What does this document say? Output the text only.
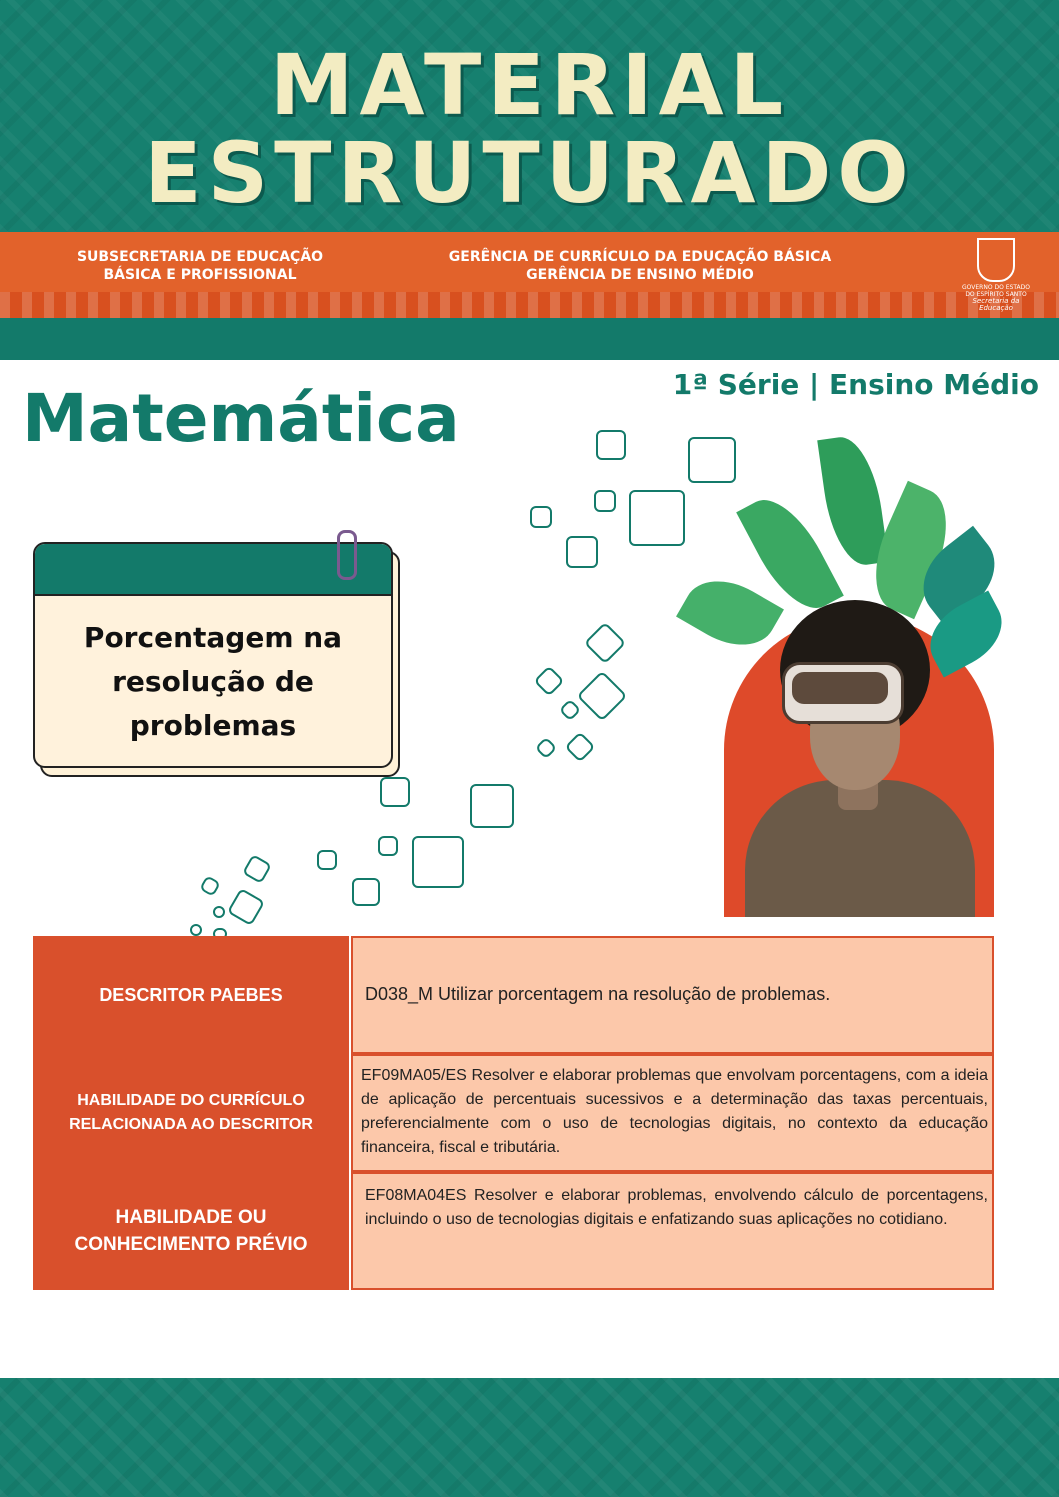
MATERIAL
ESTRUTURADO
SUBSECRETARIA DE EDUCAÇÃO BÁSICA E PROFISSIONAL
GERÊNCIA DE CURRÍCULO DA EDUCAÇÃO BÁSICA
GERÊNCIA DE ENSINO MÉDIO
GOVERNO DO ESTADO
DO ESPÍRITO SANTO
Secretaria da Educação
Matemática	1ª Série | Ensino Médio
Porcentagem na resolução de problemas
DESCRITOR PAEBES	D038_M Utilizar porcentagem na resolução de problemas.
HABILIDADE DO CURRÍCULO RELACIONADA AO DESCRITOR
EF09MA05/ES Resolver e elaborar problemas que envolvam porcentagens, com a ideia de aplicação de percentuais sucessivos e a determinação das taxas percentuais, preferencialmente com o uso de tecnologias digitais, no contexto da educação financeira, fiscal e tributária.
HABILIDADE OU CONHECIMENTO PRÉVIO
EF08MA04ES Resolver e elaborar problemas, envolvendo cálculo de porcentagens, incluindo o uso de tecnologias digitais e enfatizando suas aplicações no cotidiano.
